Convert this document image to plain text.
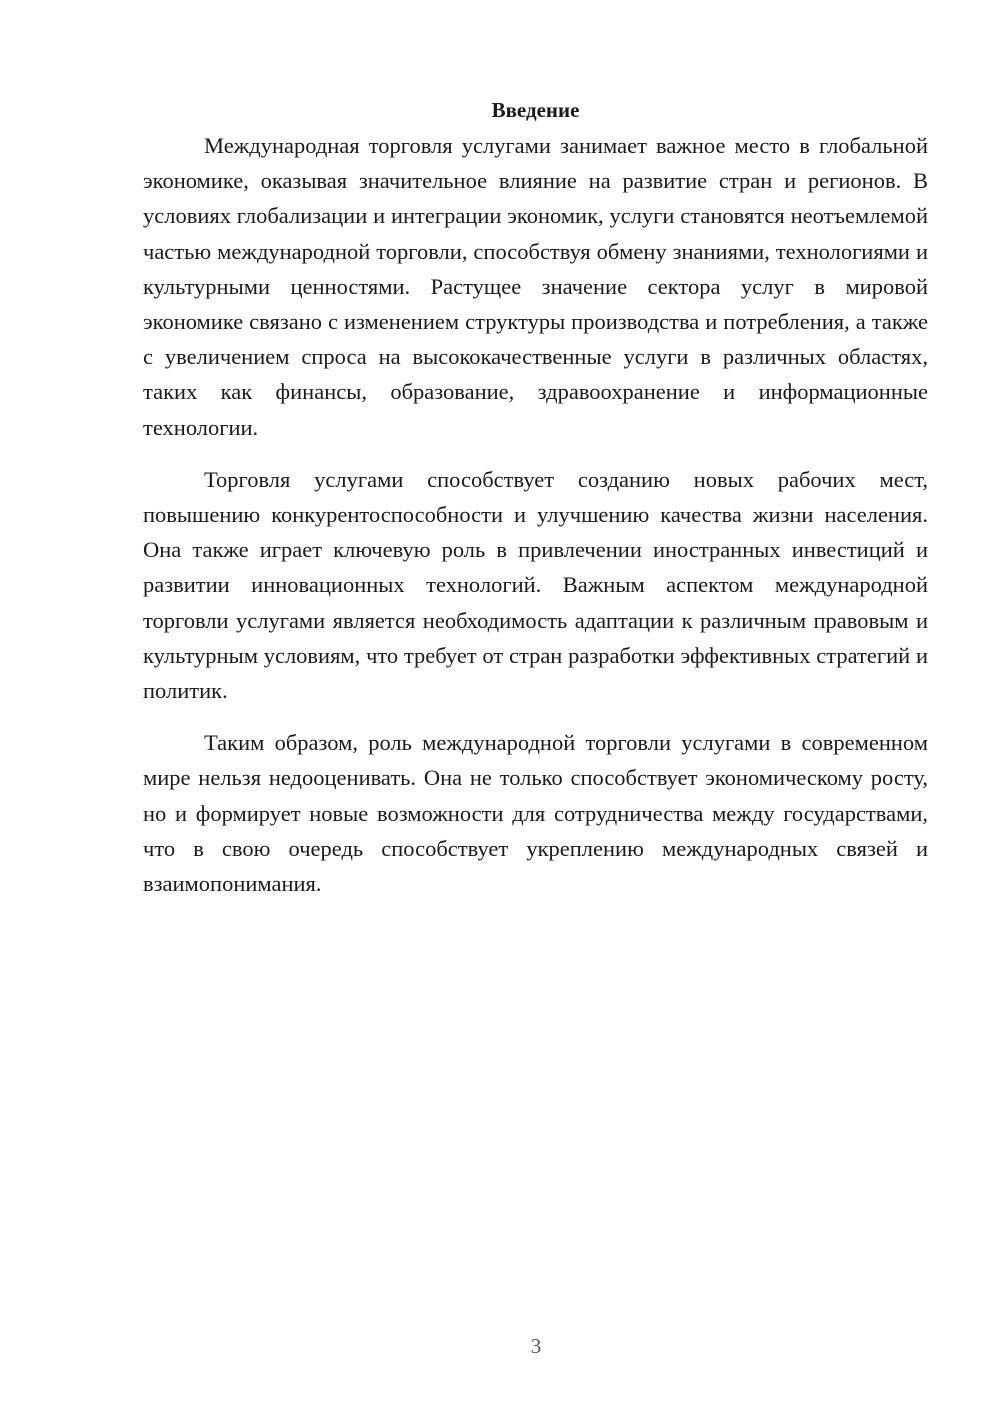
Введение

Международная торговля услугами занимает важное место в глобальной экономике, оказывая значительное влияние на развитие стран и регионов. В условиях глобализации и интеграции экономик, услуги становятся неотъемлемой частью международной торговли, способствуя обмену знаниями, технологиями и культурными ценностями. Растущее значение сектора услуг в мировой экономике связано с изменением структуры производства и потребления, а также с увеличением спроса на высококачественные услуги в различных областях, таких как финансы, образование, здравоохранение и информационные технологии.

Торговля услугами способствует созданию новых рабочих мест, повышению конкурентоспособности и улучшению качества жизни населения. Она также играет ключевую роль в привлечении иностранных инвестиций и развитии инновационных технологий. Важным аспектом международной торговли услугами является необходимость адаптации к различным правовым и культурным условиям, что требует от стран разработки эффективных стратегий и политик.

Таким образом, роль международной торговли услугами в современном мире нельзя недооценивать. Она не только способствует экономическому росту, но и формирует новые возможности для сотрудничества между государствами, что в свою очередь способствует укреплению международных связей и взаимопонимания.

3
